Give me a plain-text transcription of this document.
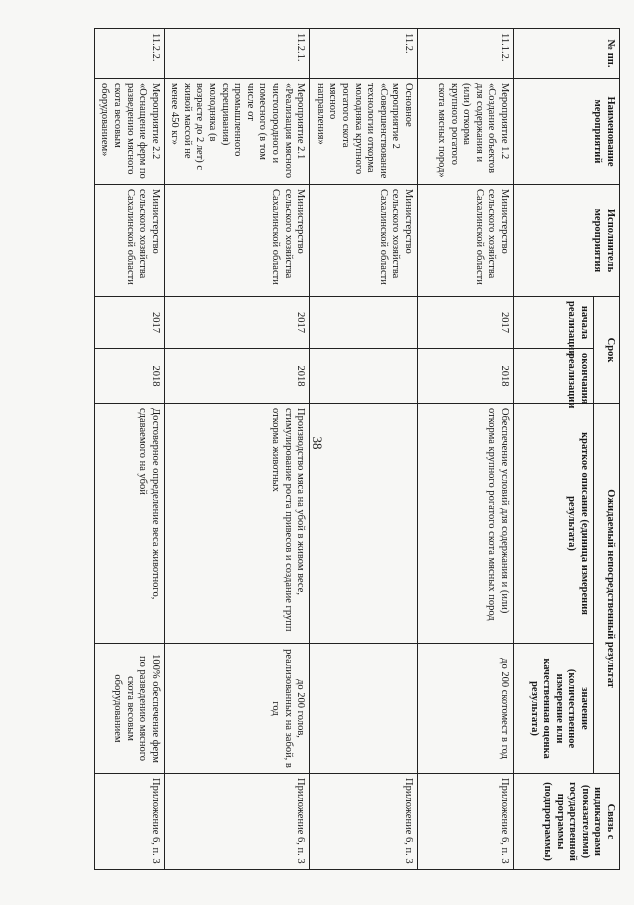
38
№ пп.	Наименование мероприятий	Исполнитель мероприятия	Срок		Ожидаемый непосредственный результат		Связь с индикаторами (показателями) государственной программы (подпрограммы)
			начала реализации	окончания реализации	краткое описание (единица измерения результата)	значение (количественное измерение или качественная оценка результата)	
11.1.2.	Мероприятие 1.2 «Создание объектов для содержания и (или) откорма крупного рогатого скота мясных пород»	Министерство сельского хозяйства Сахалинской области	2017	2018	Обеспечение условий для содержания и (или) откорма крупного рогатого скота мясных пород	до 200 скотомест в год	Приложение 6, п. 3
11.2.	Основное мероприятие 2 «Совершенствование технологии откорма молодняка крупного рогатого скота мясного направления»	Министерство сельского хозяйства Сахалинской области					Приложение 6, п. 3
11.2.1.	Мероприятие 2.1 «Реализация мясного чистопородного и помесного (в том числе от промышленного скрещивания) молодняка (в возрасте до 2 лет) с живой массой не менее 450 кг»	Министерство сельского хозяйства Сахалинской области	2017	2018	Производство мяса на убой в живом весе, стимулирование роста привесов и создание групп откорма животных	до 200 голов, реализованных на забой, в год	Приложение 6, п. 3
11.2.2.	Мероприятие 2.2 «Оснащение ферм по разведению мясного скота весовым оборудованием»	Министерство сельского хозяйства Сахалинской области	2017	2018	Достоверное определение веса животного, сдаваемого на убой	100% обеспечение ферм по разведению мясного скота весовым оборудованием	Приложение 6, п. 3
